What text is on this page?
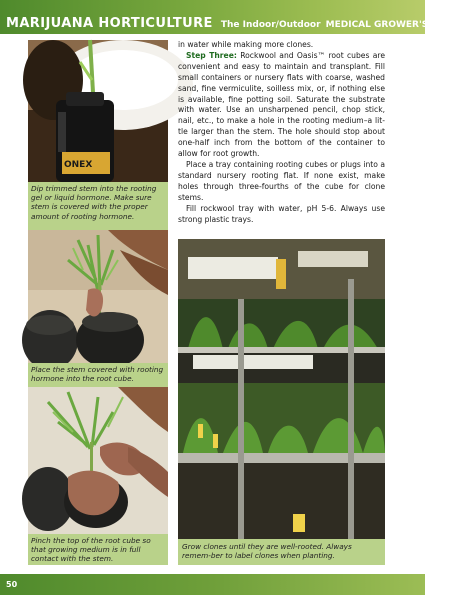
MARIJUANA HORTICULTURE The Indoor/Outdoor MEDICAL GROWER'S BIBLE
ONEX
Dip trimmed stem into the rooting gel or liquid hormone. Make sure stem is covered with the proper amount of rooting hormone.
Place the stem covered with rooting hormone into the root cube.
Pinch the top of the root cube so that growing medium is in full contact with the stem.

in water while making more clones.

Step Three: Rockwool and Oasis™ root cubes are convenient and easy to maintain and transplant. Fill small containers or nursery flats with coarse, washed sand, fine vermiculite, soilless mix, or, if nothing else is available, fine potting soil. Saturate the substrate with water. Use an unsharpened pencil, chop stick, nail, etc., to make a hole in the rooting medium–a lit-tle larger than the stem. The hole should stop about one-half inch from the bottom of the container to allow for root growth.

Place a tray containing rooting cubes or plugs into a standard nursery rooting flat. If none exist, make holes through three-fourths of the cube for clone stems.

Fill rockwool tray with water, pH 5-6. Always use strong plastic trays.

Grow clones until they are well-rooted. Always remem-ber to label clones when planting.
50
